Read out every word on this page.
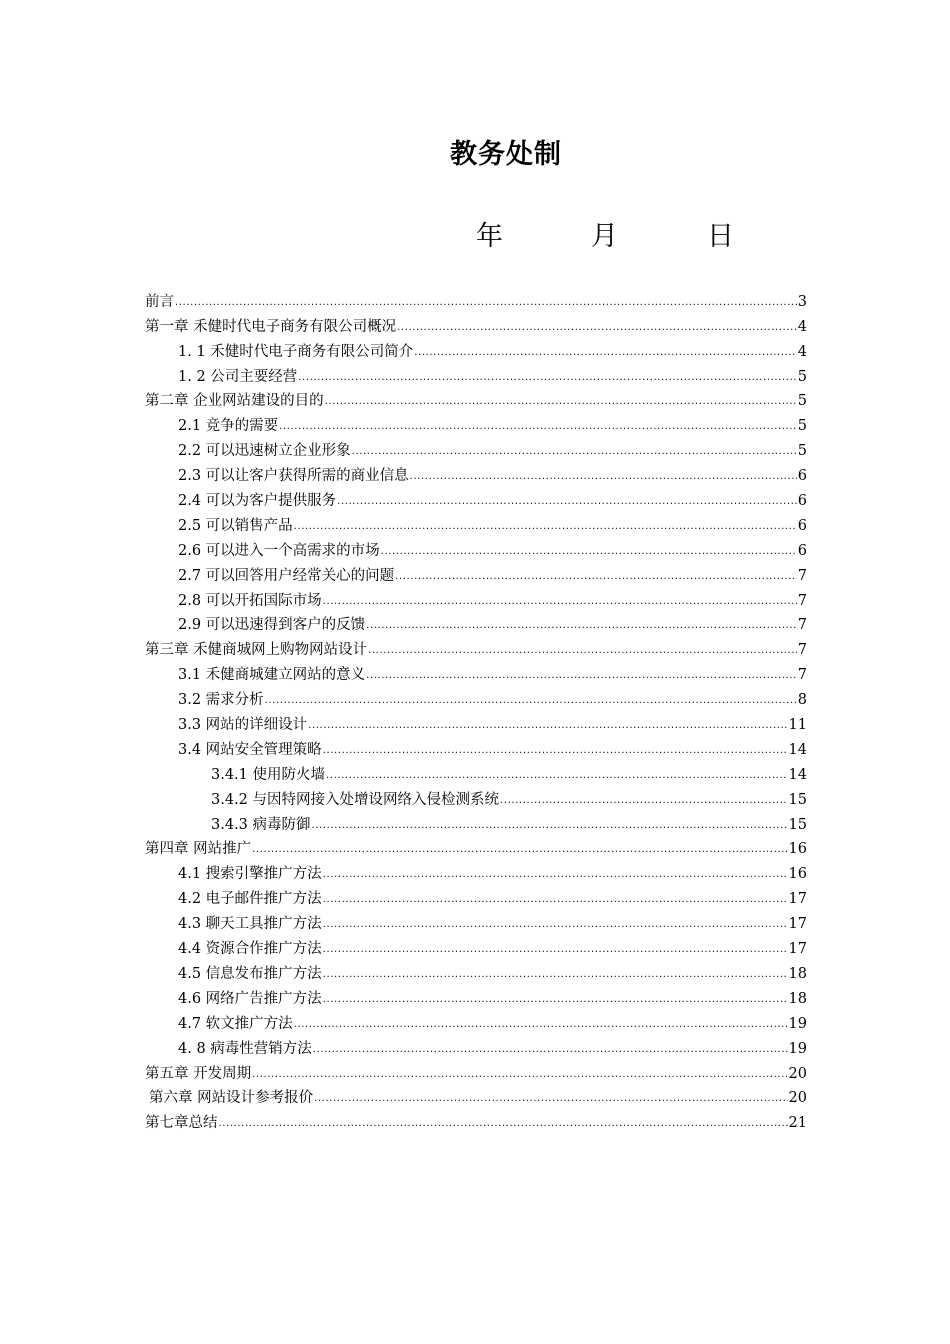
教务处制
年	月	日
前言 .....	3
第一章 禾健时代电子商务有限公司概况 .....	4
1. 1 禾健时代电子商务有限公司简介 .....	4
1. 2 公司主要经营 .....	5
第二章 企业网站建设的目的 .....	5
2.1 竞争的需要 .....	5
2.2 可以迅速树立企业形象 .....	5
2.3 可以让客户获得所需的商业信息 .....	6
2.4 可以为客户提供服务 .....	6
2.5 可以销售产品 .....	6
2.6 可以进入一个高需求的市场 .....	6
2.7 可以回答用户经常关心的问题 .....	7
2.8 可以开拓国际市场 .....	7
2.9 可以迅速得到客户的反馈 .....	7
第三章 禾健商城网上购物网站设计 .....	7
3.1 禾健商城建立网站的意义 .....	7
3.2 需求分析 .....	8
3.3 网站的详细设计 .....	11
3.4 网站安全管理策略 .....	14
3.4.1 使用防火墙 .....	14
3.4.2 与因特网接入处增设网络入侵检测系统 .....	15
3.4.3 病毒防御 .....	15
第四章 网站推广 .....	16
4.1 搜索引擎推广方法 .....	16
4.2 电子邮件推广方法 .....	17
4.3 聊天工具推广方法 .....	17
4.4 资源合作推广方法 .....	17
4.5 信息发布推广方法 .....	18
4.6 网络广告推广方法 .....	18
4.7 软文推广方法 .....	19
4. 8 病毒性营销方法 .....	19
第五章 开发周期 .....	20
第六章 网站设计参考报价 .....	20
第七章总结 .....	21
